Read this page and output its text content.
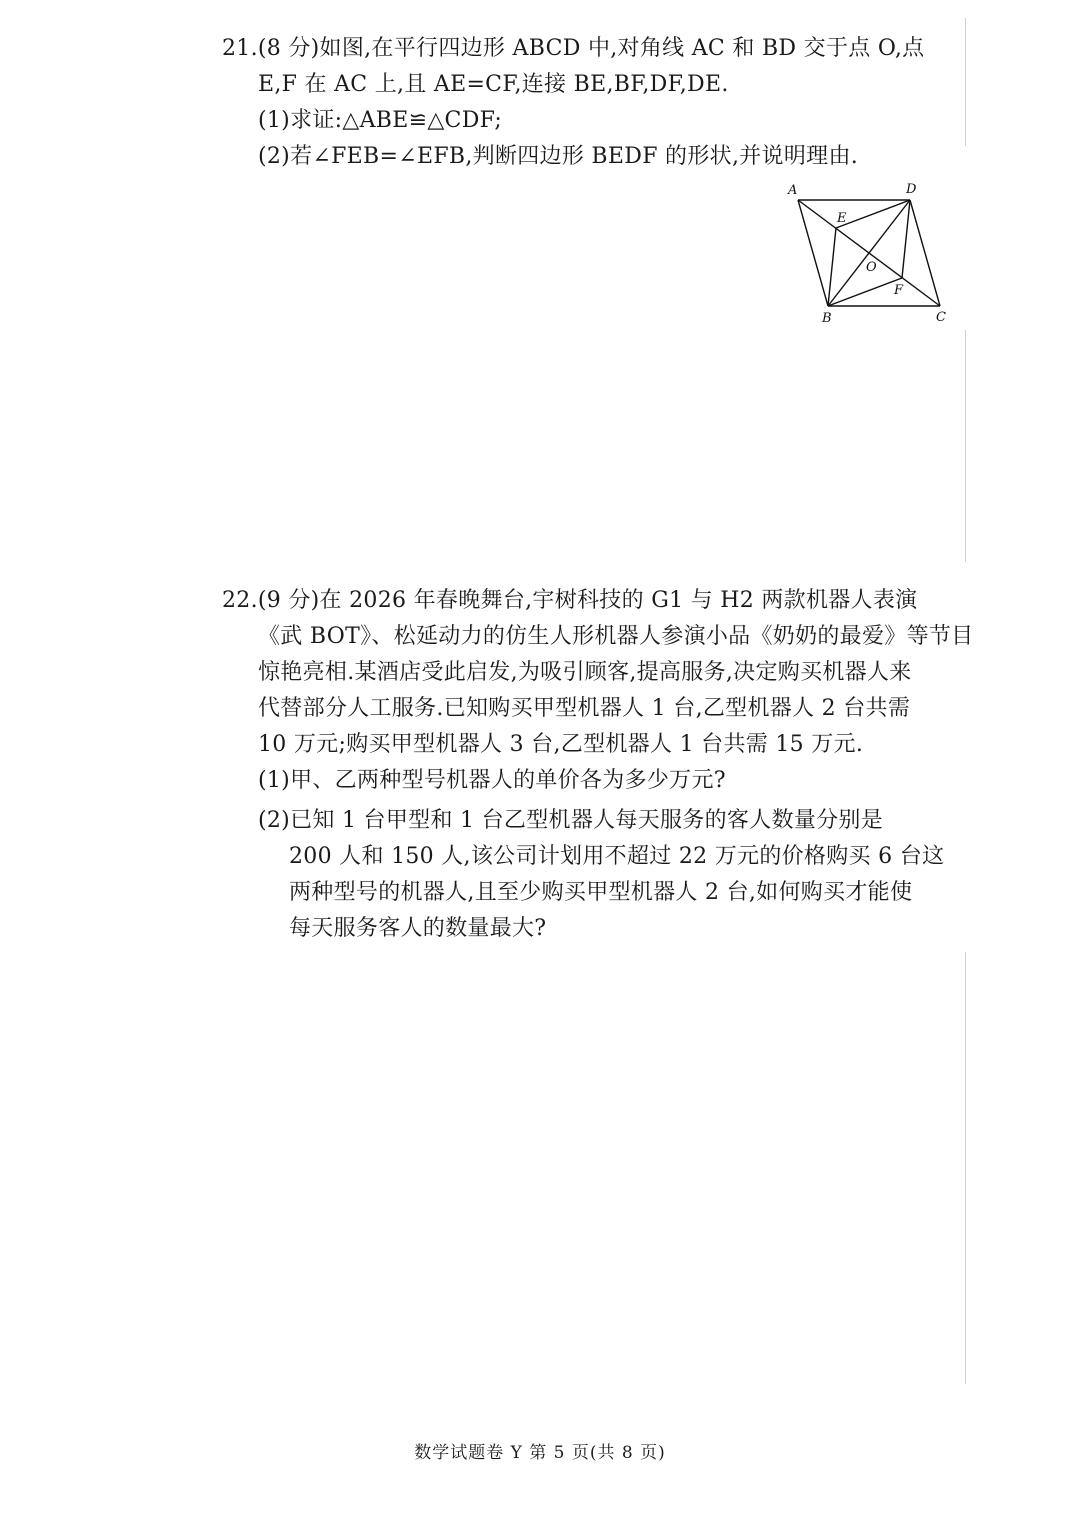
21.(8 分)如图,在平行四边形 ABCD 中,对角线 AC 和 BD 交于点 O,点
E,F 在 AC 上,且 AE=CF,连接 BE,BF,DF,DE.
(1)求证:△ABE≌△CDF;
(2)若∠FEB=∠EFB,判断四边形 BEDF 的形状,并说明理由.
A	D
E
O
F
B	C
22.(9 分)在 2026 年春晚舞台,宇树科技的 G1 与 H2 两款机器人表演
《武 BOT》、松延动力的仿生人形机器人参演小品《奶奶的最爱》等节目
惊艳亮相.某酒店受此启发,为吸引顾客,提高服务,决定购买机器人来
代替部分人工服务.已知购买甲型机器人 1 台,乙型机器人 2 台共需
10 万元;购买甲型机器人 3 台,乙型机器人 1 台共需 15 万元.
(1)甲、乙两种型号机器人的单价各为多少万元?
(2)已知 1 台甲型和 1 台乙型机器人每天服务的客人数量分别是
200 人和 150 人,该公司计划用不超过 22 万元的价格购买 6 台这
两种型号的机器人,且至少购买甲型机器人 2 台,如何购买才能使
每天服务客人的数量最大?
数学试题卷 Y 第 5 页(共 8 页)
